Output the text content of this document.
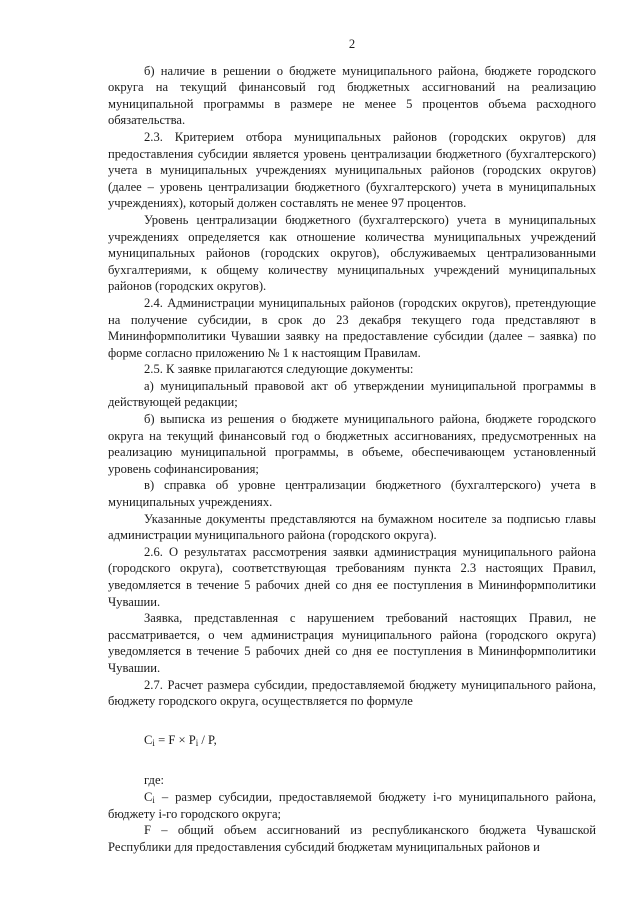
2

б) наличие в решении о бюджете муниципального района, бюджете городского округа на текущий финансовый год бюджетных ассигнований на реализацию муниципальной программы в размере не менее 5 процентов объема расходного обязательства.

2.3. Критерием отбора муниципальных районов (городских округов) для предоставления субсидии является уровень централизации бюджетного (бухгалтерского) учета в муниципальных учреждениях муниципальных районов (городских округов) (далее – уровень централизации бюджетного (бухгалтерского) учета в муниципальных учреждениях), который должен составлять не менее 97 процентов.

Уровень централизации бюджетного (бухгалтерского) учета в муниципальных учреждениях определяется как отношение количества муниципальных учреждений муниципальных районов (городских округов), обслуживаемых централизованными бухгалтериями, к общему количеству муниципальных учреждений муниципальных районов (городских округов).

2.4. Администрации муниципальных районов (городских округов), претендующие на получение субсидии, в срок до 23 декабря текущего года представляют в Мининформполитики Чувашии заявку на предоставление субсидии (далее – заявка) по форме согласно приложению № 1 к настоящим Правилам.

2.5. К заявке прилагаются следующие документы:

а) муниципальный правовой акт об утверждении муниципальной программы в действующей редакции;

б) выписка из решения о бюджете муниципального района, бюджете городского округа на текущий финансовый год о бюджетных ассигнованиях, предусмотренных на реализацию муниципальной программы, в объеме, обеспечивающем установленный уровень софинансирования;

в) справка об уровне централизации бюджетного (бухгалтерского) учета в муниципальных учреждениях.

Указанные документы представляются на бумажном носителе за подписью главы администрации муниципального района (городского округа).

2.6. О результатах рассмотрения заявки администрация муниципального района (городского округа), соответствующая требованиям пункта 2.3 настоящих Правил, уведомляется в течение 5 рабочих дней со дня ее поступления в Мининформполитики Чувашии.

Заявка, представленная с нарушением требований настоящих Правил, не рассматривается, о чем администрация муниципального района (городского округа) уведомляется в течение 5 рабочих дней со дня ее поступления в Мининформполитики Чувашии.

2.7. Расчет размера субсидии, предоставляемой бюджету муниципального района, бюджету городского округа, осуществляется по формуле

$C_i = F \times P_i / P$,

где:

$C_i$ – размер субсидии, предоставляемой бюджету i-го муниципального района, бюджету i-го городского округа;

F – общий объем ассигнований из республиканского бюджета Чувашской Республики для предоставления субсидий бюджетам муниципальных районов и
